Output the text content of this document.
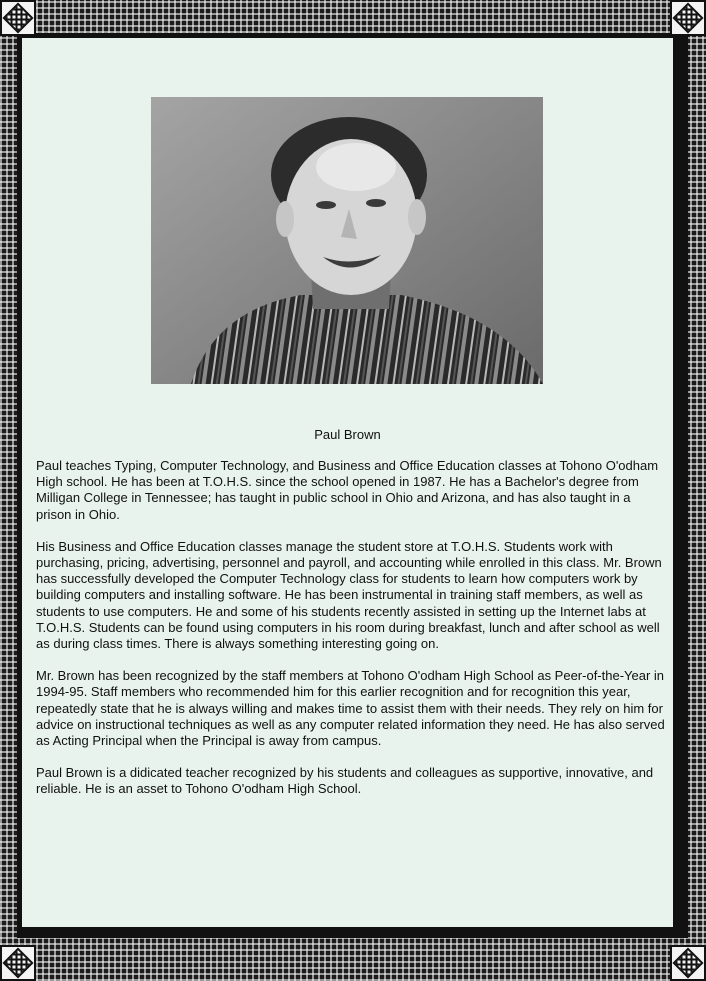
Paul Brown

Paul teaches Typing, Computer Technology, and Business and Office Education classes at Tohono O'odham High school. He has been at T.O.H.S. since the school opened in 1987. He has a Bachelor's degree from Milligan College in Tennessee; has taught in public school in Ohio and Arizona, and has also taught in a prison in Ohio.

His Business and Office Education classes manage the student store at T.O.H.S. Students work with purchasing, pricing, advertising, personnel and payroll, and accounting while enrolled in this class. Mr. Brown has successfully developed the Computer Technology class for students to learn how computers work by building computers and installing software. He has been instrumental in training staff members, as well as students to use computers. He and some of his students recently assisted in setting up the Internet labs at T.O.H.S. Students can be found using computers in his room during breakfast, lunch and after school as well as during class times. There is always something interesting going on.

Mr. Brown has been recognized by the staff members at Tohono O'odham High School as Peer-of-the-Year in 1994-95. Staff members who recommended him for this earlier recognition and for recognition this year, repeatedly state that he is always willing and makes time to assist them with their needs. They rely on him for advice on instructional techniques as well as any computer related information they need. He has also served as Acting Principal when the Principal is away from campus.

Paul Brown is a didicated teacher recognized by his students and colleagues as supportive, innovative, and reliable. He is an asset to Tohono O'odham High School.
